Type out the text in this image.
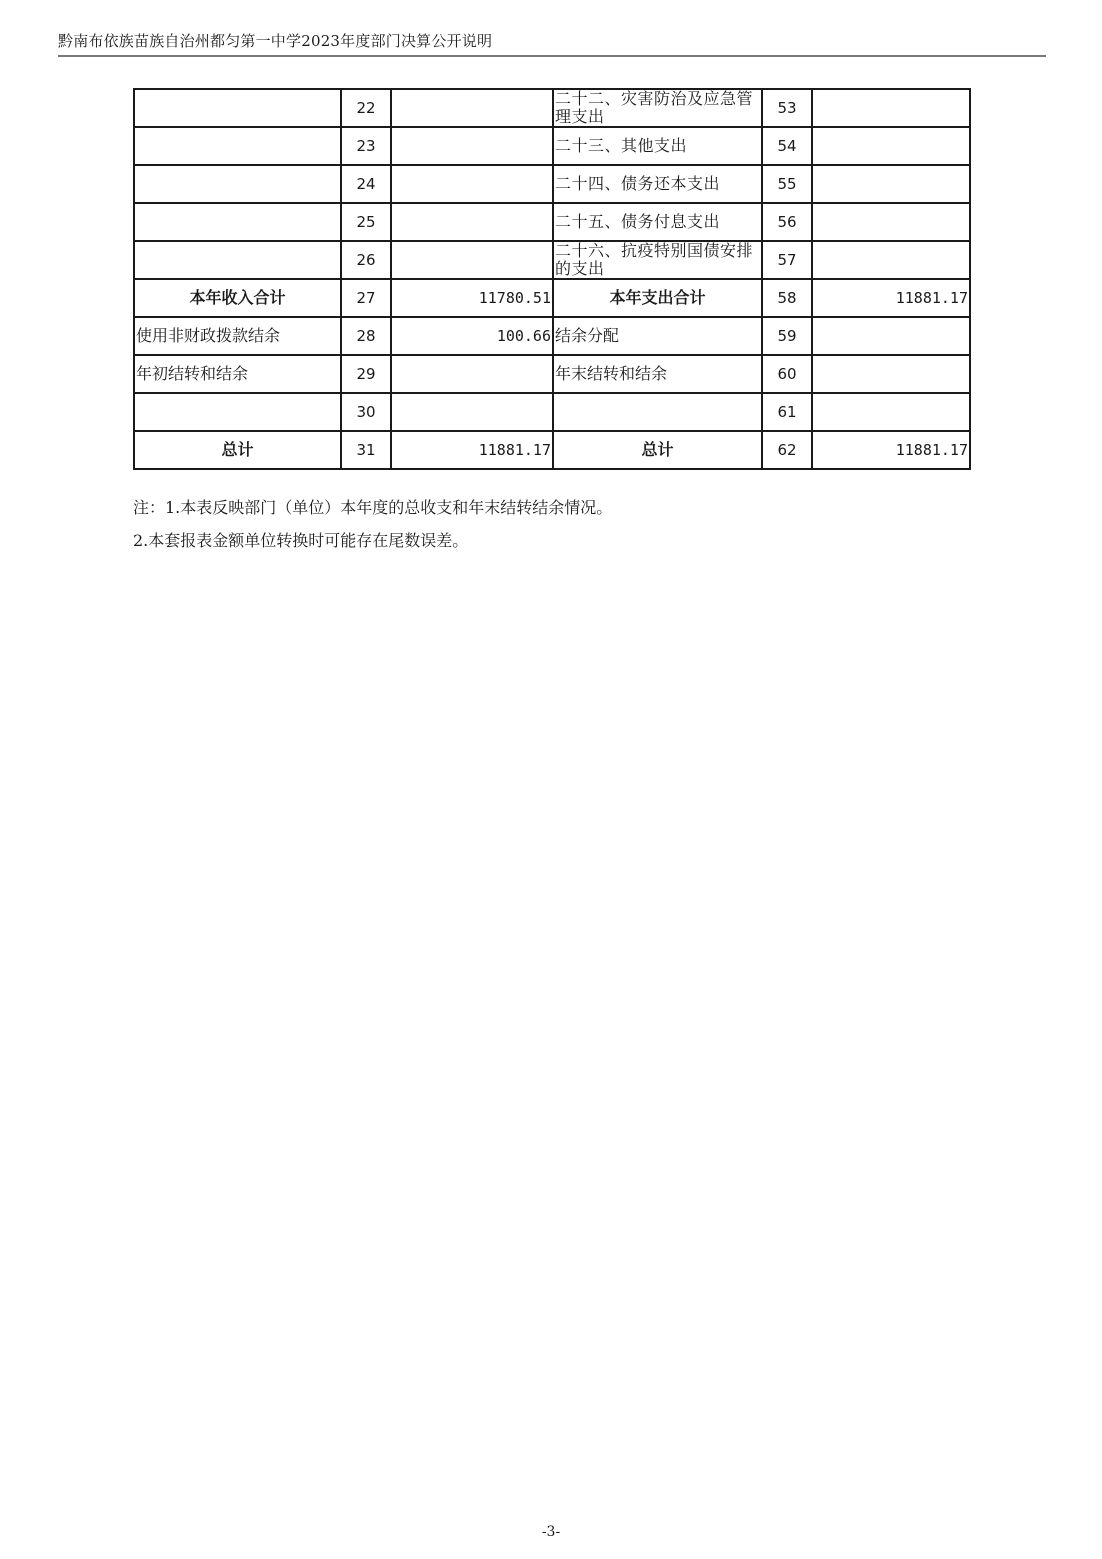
黔南布依族苗族自治州都匀第一中学2023年度部门决算公开说明
	22		二十二、灾害防治及应急管理支出	53	
	23		二十三、其他支出	54	
	24		二十四、债务还本支出	55	
	25		二十五、债务付息支出	56	
	26		二十六、抗疫特别国债安排的支出	57	
本年收入合计	27	11780.51	本年支出合计	58	11881.17
使用非财政拨款结余	28	100.66	结余分配	59	
年初结转和结余	29		年末结转和结余	60	
	30			61	
总计	31	11881.17	总计	62	11881.17
注：1.本表反映部门（单位）本年度的总收支和年末结转结余情况。
2.本套报表金额单位转换时可能存在尾数误差。
-3-
